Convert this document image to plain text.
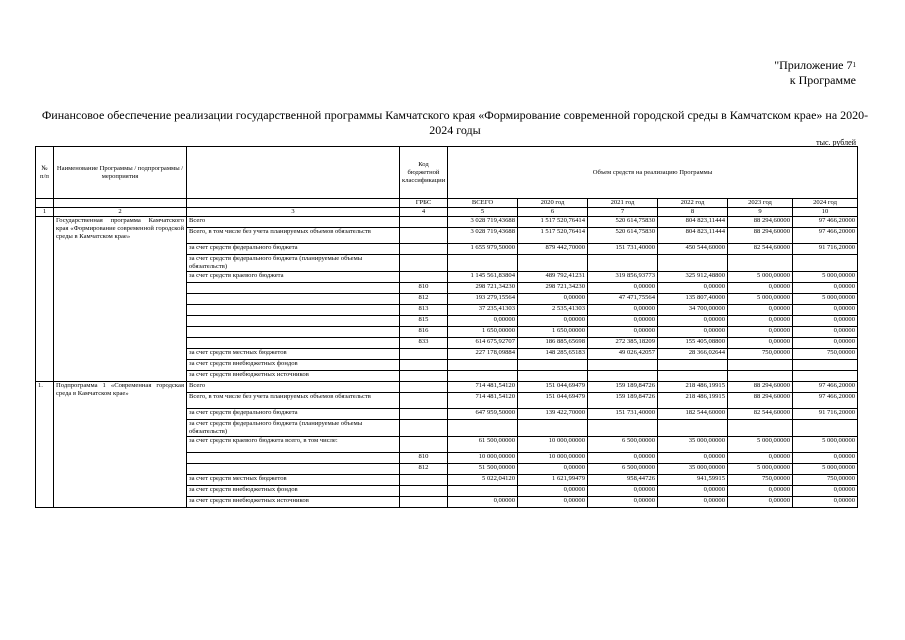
"Приложение $7^1$
к Программе
Финансовое обеспечение реализации государственной программы Камчатского края «Формирование современной городской среды в Камчатском крае» на 2020-2024 годы
тыс. рублей
№ п/п	Наименование Программы / подпрограммы / мероприятия		Код бюджетной классификации	Объем средств на реализацию Программы					

			ГРБС	ВСЕГО	2020 год	2021 год	2022 год	2023 год	2024 год
1	2	3	4	5	6	7	8	9	10
	Государственная программа Камчатского края «Формирование современной городской среды в Камчатском крае»	Всего		3 028 719,43688	1 517 520,76414	520 614,75830	804 823,11444	88 294,60000	97 466,20000
		Всего, в том числе без учета планируемых объемов обязательств		3 028 719,43688	1 517 520,76414	520 614,75830	804 823,11444	88 294,60000	97 466,20000
		за счет средств федерального бюджета		1 655 979,50000	879 442,70000	151 731,40000	450 544,60000	82 544,60000	91 716,20000
		за счет средств федерального бюджета (планируемые объемы обязательств)							
		за счет средств краевого бюджета		1 145 561,83804	489 792,41231	319 856,93773	325 912,48800	5 000,00000	5 000,00000
			810	298 721,34230	298 721,34230	0,00000	0,00000	0,00000	0,00000
			812	193 279,15564	0,00000	47 471,75564	135 807,40000	5 000,00000	5 000,00000
			813	37 235,41303	2 535,41303	0,00000	34 700,00000	0,00000	0,00000
			815	0,00000	0,00000	0,00000	0,00000	0,00000	0,00000
			816	1 650,00000	1 650,00000	0,00000	0,00000	0,00000	0,00000
			833	614 675,92707	186 885,65698	272 385,18209	155 405,08800	0,00000	0,00000
		за счет средств местных бюджетов		227 178,09884	148 285,65183	49 026,42057	28 366,02644	750,00000	750,00000
		за счет средств внебюджетных фондов							
		за счет средств внебюджетных источников							
1.	Подпрограмма 1 «Современная городская среда в Камчатском крае»	Всего		714 481,54120	151 044,69479	159 189,84726	218 486,19915	88 294,60000	97 466,20000
		Всего, в том числе без учета планируемых объемов обязательств		714 481,54120	151 044,69479	159 189,84726	218 486,19915	88 294,60000	97 466,20000
		за счет средств федерального бюджета		647 959,50000	139 422,70000	151 731,40000	182 544,60000	82 544,60000	91 716,20000
		за счет средств федерального бюджета (планируемые объемы обязательств)							
		за счет средств краевого бюджета всего, в том числе:		61 500,00000	10 000,00000	6 500,00000	35 000,00000	5 000,00000	5 000,00000
			810	10 000,00000	10 000,00000	0,00000	0,00000	0,00000	0,00000
			812	51 500,00000	0,00000	6 500,00000	35 000,00000	5 000,00000	5 000,00000
		за счет средств местных бюджетов		5 022,04120	1 621,99479	958,44726	941,59915	750,00000	750,00000
		за счет средств внебюджетных фондов			0,00000	0,00000	0,00000	0,00000	0,00000
		за счет средств внебюджетных источников		0,00000	0,00000	0,00000	0,00000	0,00000	0,00000
